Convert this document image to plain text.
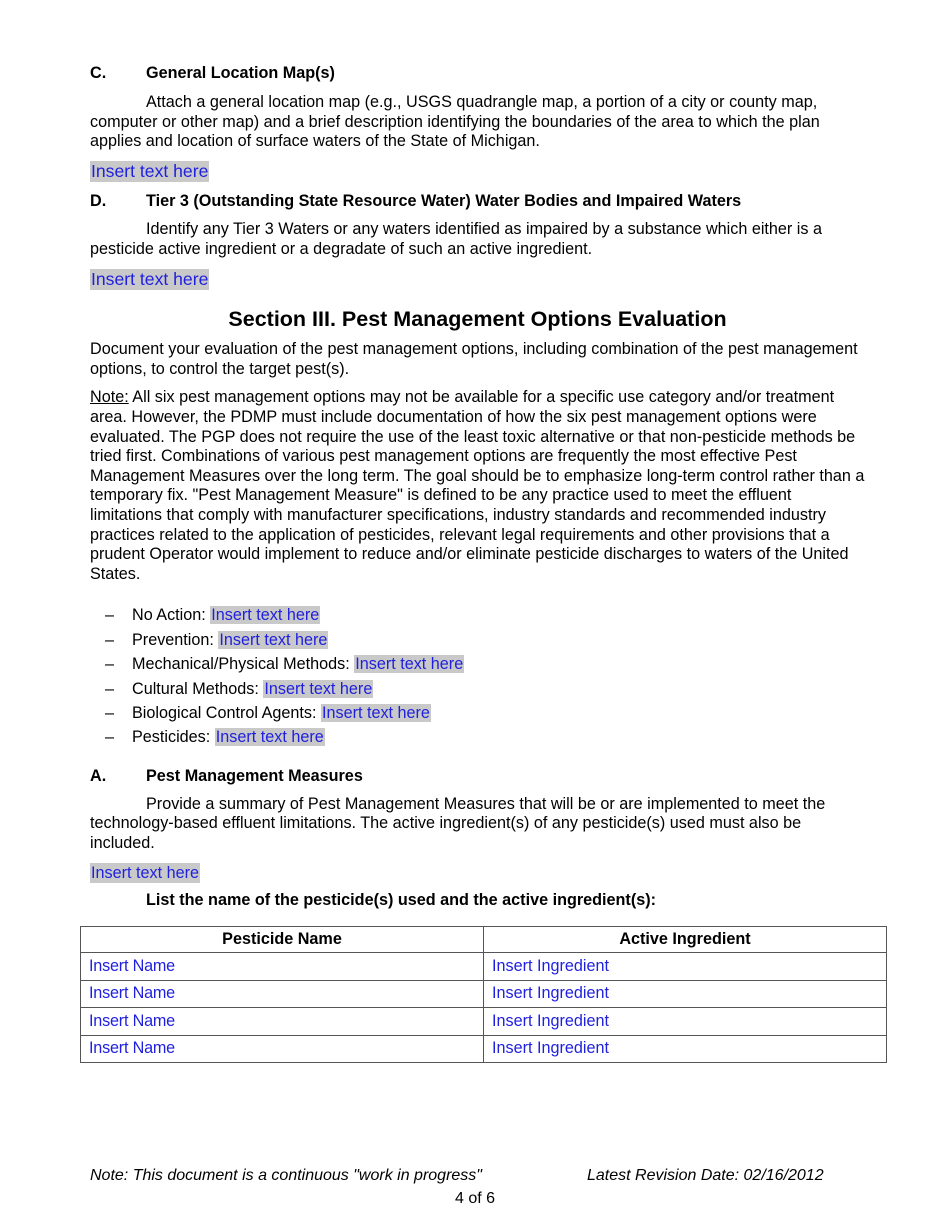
C. General Location Map(s)

Attach a general location map (e.g., USGS quadrangle map, a portion of a city or county map, computer or other map) and a brief description identifying the boundaries of the area to which the plan applies and location of surface waters of the State of Michigan.

Insert text here

D. Tier 3 (Outstanding State Resource Water) Water Bodies and Impaired Waters

Identify any Tier 3 Waters or any waters identified as impaired by a substance which either is a pesticide active ingredient or a degradate of such an active ingredient.

Insert text here

Section III. Pest Management Options Evaluation

Document your evaluation of the pest management options, including combination of the pest management options, to control the target pest(s).

Note: All six pest management options may not be available for a specific use category and/or treatment area. However, the PDMP must include documentation of how the six pest management options were evaluated. The PGP does not require the use of the least toxic alternative or that non-pesticide methods be tried first. Combinations of various pest management options are frequently the most effective Pest Management Measures over the long term. The goal should be to emphasize long-term control rather than a temporary fix. "Pest Management Measure" is defined to be any practice used to meet the effluent limitations that comply with manufacturer specifications, industry standards and recommended industry practices related to the application of pesticides, relevant legal requirements and other provisions that a prudent Operator would implement to reduce and/or eliminate pesticide discharges to waters of the United States.

– No Action: Insert text here
– Prevention: Insert text here
– Mechanical/Physical Methods: Insert text here
– Cultural Methods: Insert text here
– Biological Control Agents: Insert text here
– Pesticides: Insert text here

A. Pest Management Measures

Provide a summary of Pest Management Measures that will be or are implemented to meet the technology-based effluent limitations. The active ingredient(s) of any pesticide(s) used must also be included.

Insert text here

List the name of the pesticide(s) used and the active ingredient(s):

Pesticide Name	Active Ingredient
Insert Name	Insert Ingredient
Insert Name	Insert Ingredient
Insert Name	Insert Ingredient
Insert Name	Insert Ingredient
Note: This document is a continuous "work in progress"	Latest Revision Date: 02/16/2012
4 of 6
